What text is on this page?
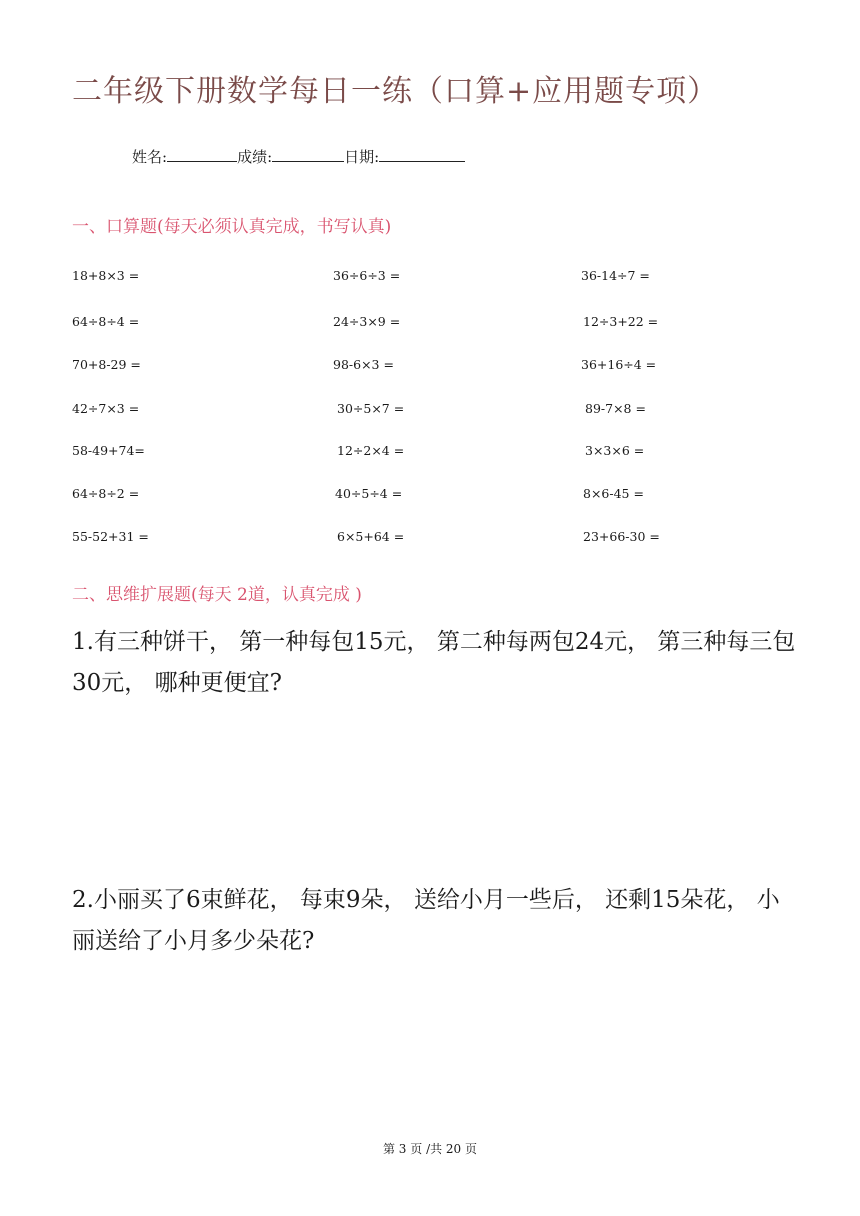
二年级下册数学每日一练（口算+应用题专项）
姓名:	成绩:	日期:
一、口算题(每天必须认真完成，书写认真)
18+8×3 =	36÷6÷3 =	36-14÷7 =
64÷8÷4 =	24÷3×9 =	12÷3+22 =
70+8-29 =	98-6×3 =	36+16÷4 =
42÷7×3 =	30÷5×7 =	89-7×8 =
58-49+74=	12÷2×4 =	3×3×6 =
64÷8÷2 =	40÷5÷4 =	8×6-45 =
55-52+31 =	6×5+64 =	23+66-30 =
二、思维扩展题(每天 2道，认真完成 )
1.有三种饼干， 第一种每包15元， 第二种每两包24元， 第三种每三包30元， 哪种更便宜?
2.小丽买了6束鲜花， 每束9朵， 送给小月一些后， 还剩15朵花， 小丽送给了小月多少朵花?
第 3 页 /共 20 页
